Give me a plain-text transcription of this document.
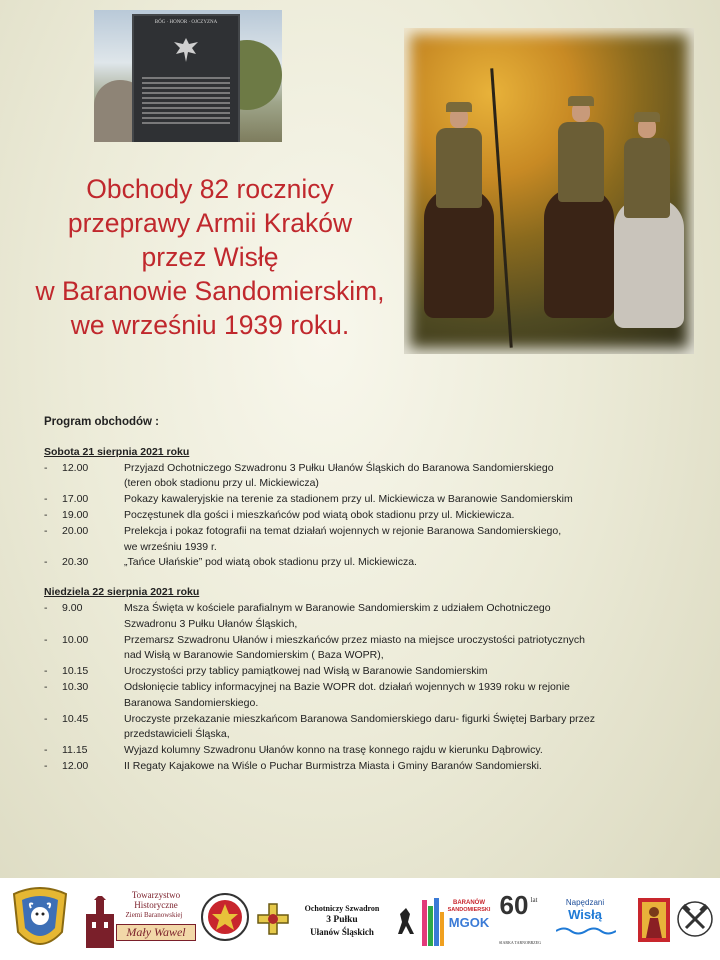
BÓG · HONOR · OJCZYZNA
Obchody 82 rocznicy
przeprawy Armii Kraków
przez Wisłę
w Baranowie Sandomierskim,
we wrześniu 1939 roku.
Program obchodów :
Sobota 21 sierpnia 2021 roku
-	12.00	Przyjazd Ochotniczego Szwadronu 3 Pułku Ułanów Śląskich do Baranowa Sandomierskiego
(teren obok stadionu przy ul. Mickiewicza)
-	17.00	Pokazy kawaleryjskie na terenie za stadionem przy ul. Mickiewicza w Baranowie Sandomierskim
-	19.00	Poczęstunek dla gości i mieszkańców pod wiatą obok stadionu przy ul. Mickiewicza.
-	20.00	Prelekcja i pokaz fotografii na temat działań wojennych w rejonie Baranowa Sandomierskiego,
we wrześniu 1939 r.
-	20.30	„Tańce Ułańskie” pod wiatą obok stadionu przy ul. Mickiewicza.
Niedziela 22 sierpnia 2021 roku
-	9.00	Msza Święta w kościele parafialnym w Baranowie Sandomierskim z udziałem Ochotniczego
Szwadronu 3 Pułku Ułanów Śląskich,
-	10.00	Przemarsz Szwadronu Ułanów i mieszkańców przez miasto na miejsce uroczystości patriotycznych
nad Wisłą w Baranowie Sandomierskim ( Baza WOPR),
-	10.15	Uroczystości przy tablicy pamiątkowej nad Wisłą w Baranowie Sandomierskim
-	10.30	Odsłonięcie tablicy informacyjnej na Bazie WOPR dot. działań wojennych w 1939 roku w rejonie
Baranowa Sandomierskiego.
-	10.45	Uroczyste przekazanie mieszkańcom Baranowa Sandomierskiego daru- figurki Świętej Barbary przez
przedstawicieli Śląska,
-	11.15	Wyjazd kolumny Szwadronu Ułanów konno na trasę konnego rajdu w kierunku Dąbrowicy.
-	12.00	II Regaty Kajakowe na Wiśle o Puchar Burmistrza Miasta i Gminy Baranów Sandomierski.
Towarzystwo
Historyczne
Ziemi Baranowskiej
Mały Wawel
Ochotniczy Szwadron
3 Pułku
Ułanów Śląskich
BARANÓW
SANDOMIERSKI
MGOK
60 lat
SIARKA TARNOBRZEG
Napędzani
Wisłą
